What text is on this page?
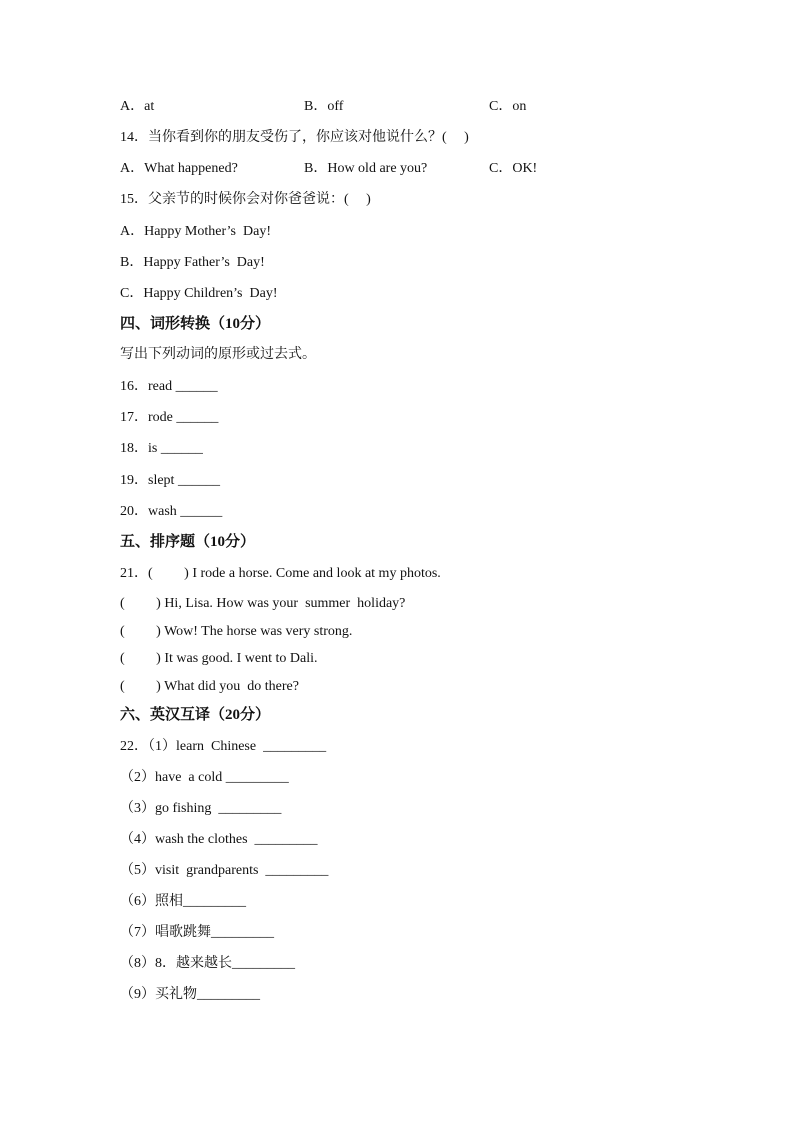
A．at

	B．off

	C．on

14．当你看到你的朋友受伤了，你应该对他说什么？(     )

A．What happened?

	B．How old are you?

	C．OK!

15．父亲节的时候你会对你爸爸说：(     )
A．Happy Mother’s  Day!
B．Happy Father’s  Day!
C．Happy Children’s  Day!
四、词形转换（10分）
写出下列动词的原形或过去式。
16．read ______
17．rode ______
18．is ______
19．slept ______
20．wash ______
五、排序题（10分）
21．(         ) I rode a horse. Come and look at my photos.
(         ) Hi, Lisa. How was your  summer  holiday?
(         ) Wow! The horse was very strong.
(         ) It was good. I went to Dali.
(         ) What did you  do there?
六、英汉互译（20分）
22．（1）learn  Chinese  _________
（2）have  a cold _________
（3）go fishing  _________
（4）wash the clothes  _________
（5）visit  grandparents  _________
（6）照相_________
（7）唱歌跳舞_________
（8）8．越来越长_________
（9）买礼物_________
